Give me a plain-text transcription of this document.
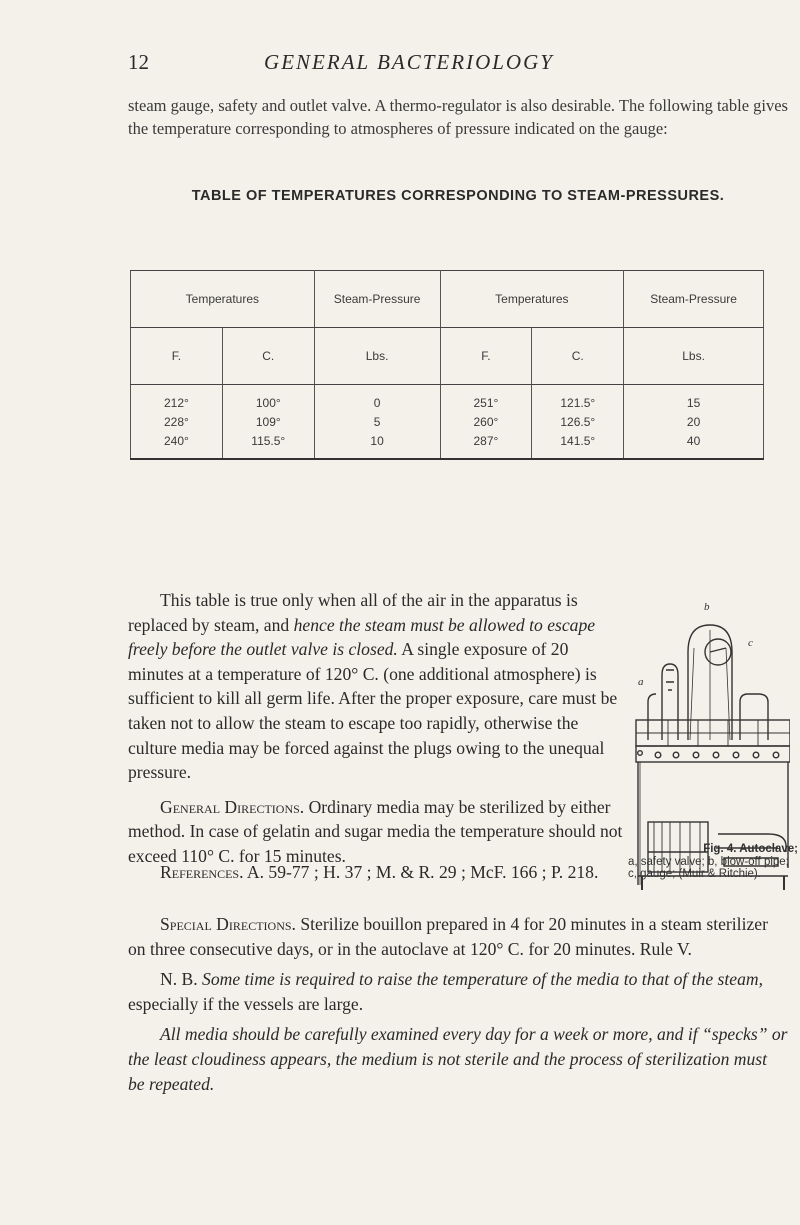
12	GENERAL BACTERIOLOGY
steam gauge, safety and outlet valve. A thermo-regulator is also desirable. The following table gives the temperature corresponding to atmospheres of pressure indicated on the gauge:
TABLE OF TEMPERATURES CORRESPONDING TO STEAM-PRESSURES.
Temperatures		Steam-Pressure	Temperatures		Steam-Pressure
F.	C.	Lbs.	F.	C.	Lbs.
212°	100°	0	251°	121.5°	15
228°	109°	5	260°	126.5°	20
240°	115.5°	10	287°	141.5°	40

This table is true only when all of the air in the apparatus is replaced by steam, and hence the steam must be allowed to escape freely before the outlet valve is closed. A single exposure of 20 minutes at a temperature of 120° C. (one additional atmosphere) is sufficient to kill all germ life. After the proper exposure, care must be taken not to allow the steam to escape too rapidly, otherwise the culture media may be forced against the plugs owing to the unequal pressure.

General Directions. Ordinary media may be sterilized by either method. In case of gelatin and sugar media the temperature should not exceed 110° C. for 15 minutes.

a
b
c
Fig. 4. Autoclave;
a, safety valve; b, blow-off pipe; c, gauge; (Muir & Ritchie).

References. A. 59-77 ; H. 37 ; M. & R. 29 ; McF. 166 ; P. 218.

Special Directions. Sterilize bouillon prepared in 4 for 20 minutes in a steam sterilizer on three consecutive days, or in the autoclave at 120° C. for 20 minutes. Rule V.

N. B. Some time is required to raise the temperature of the media to that of the steam, especially if the vessels are large.

All media should be carefully examined every day for a week or more, and if “specks” or the least cloudiness appears, the medium is not sterile and the process of sterilization must be repeated.
